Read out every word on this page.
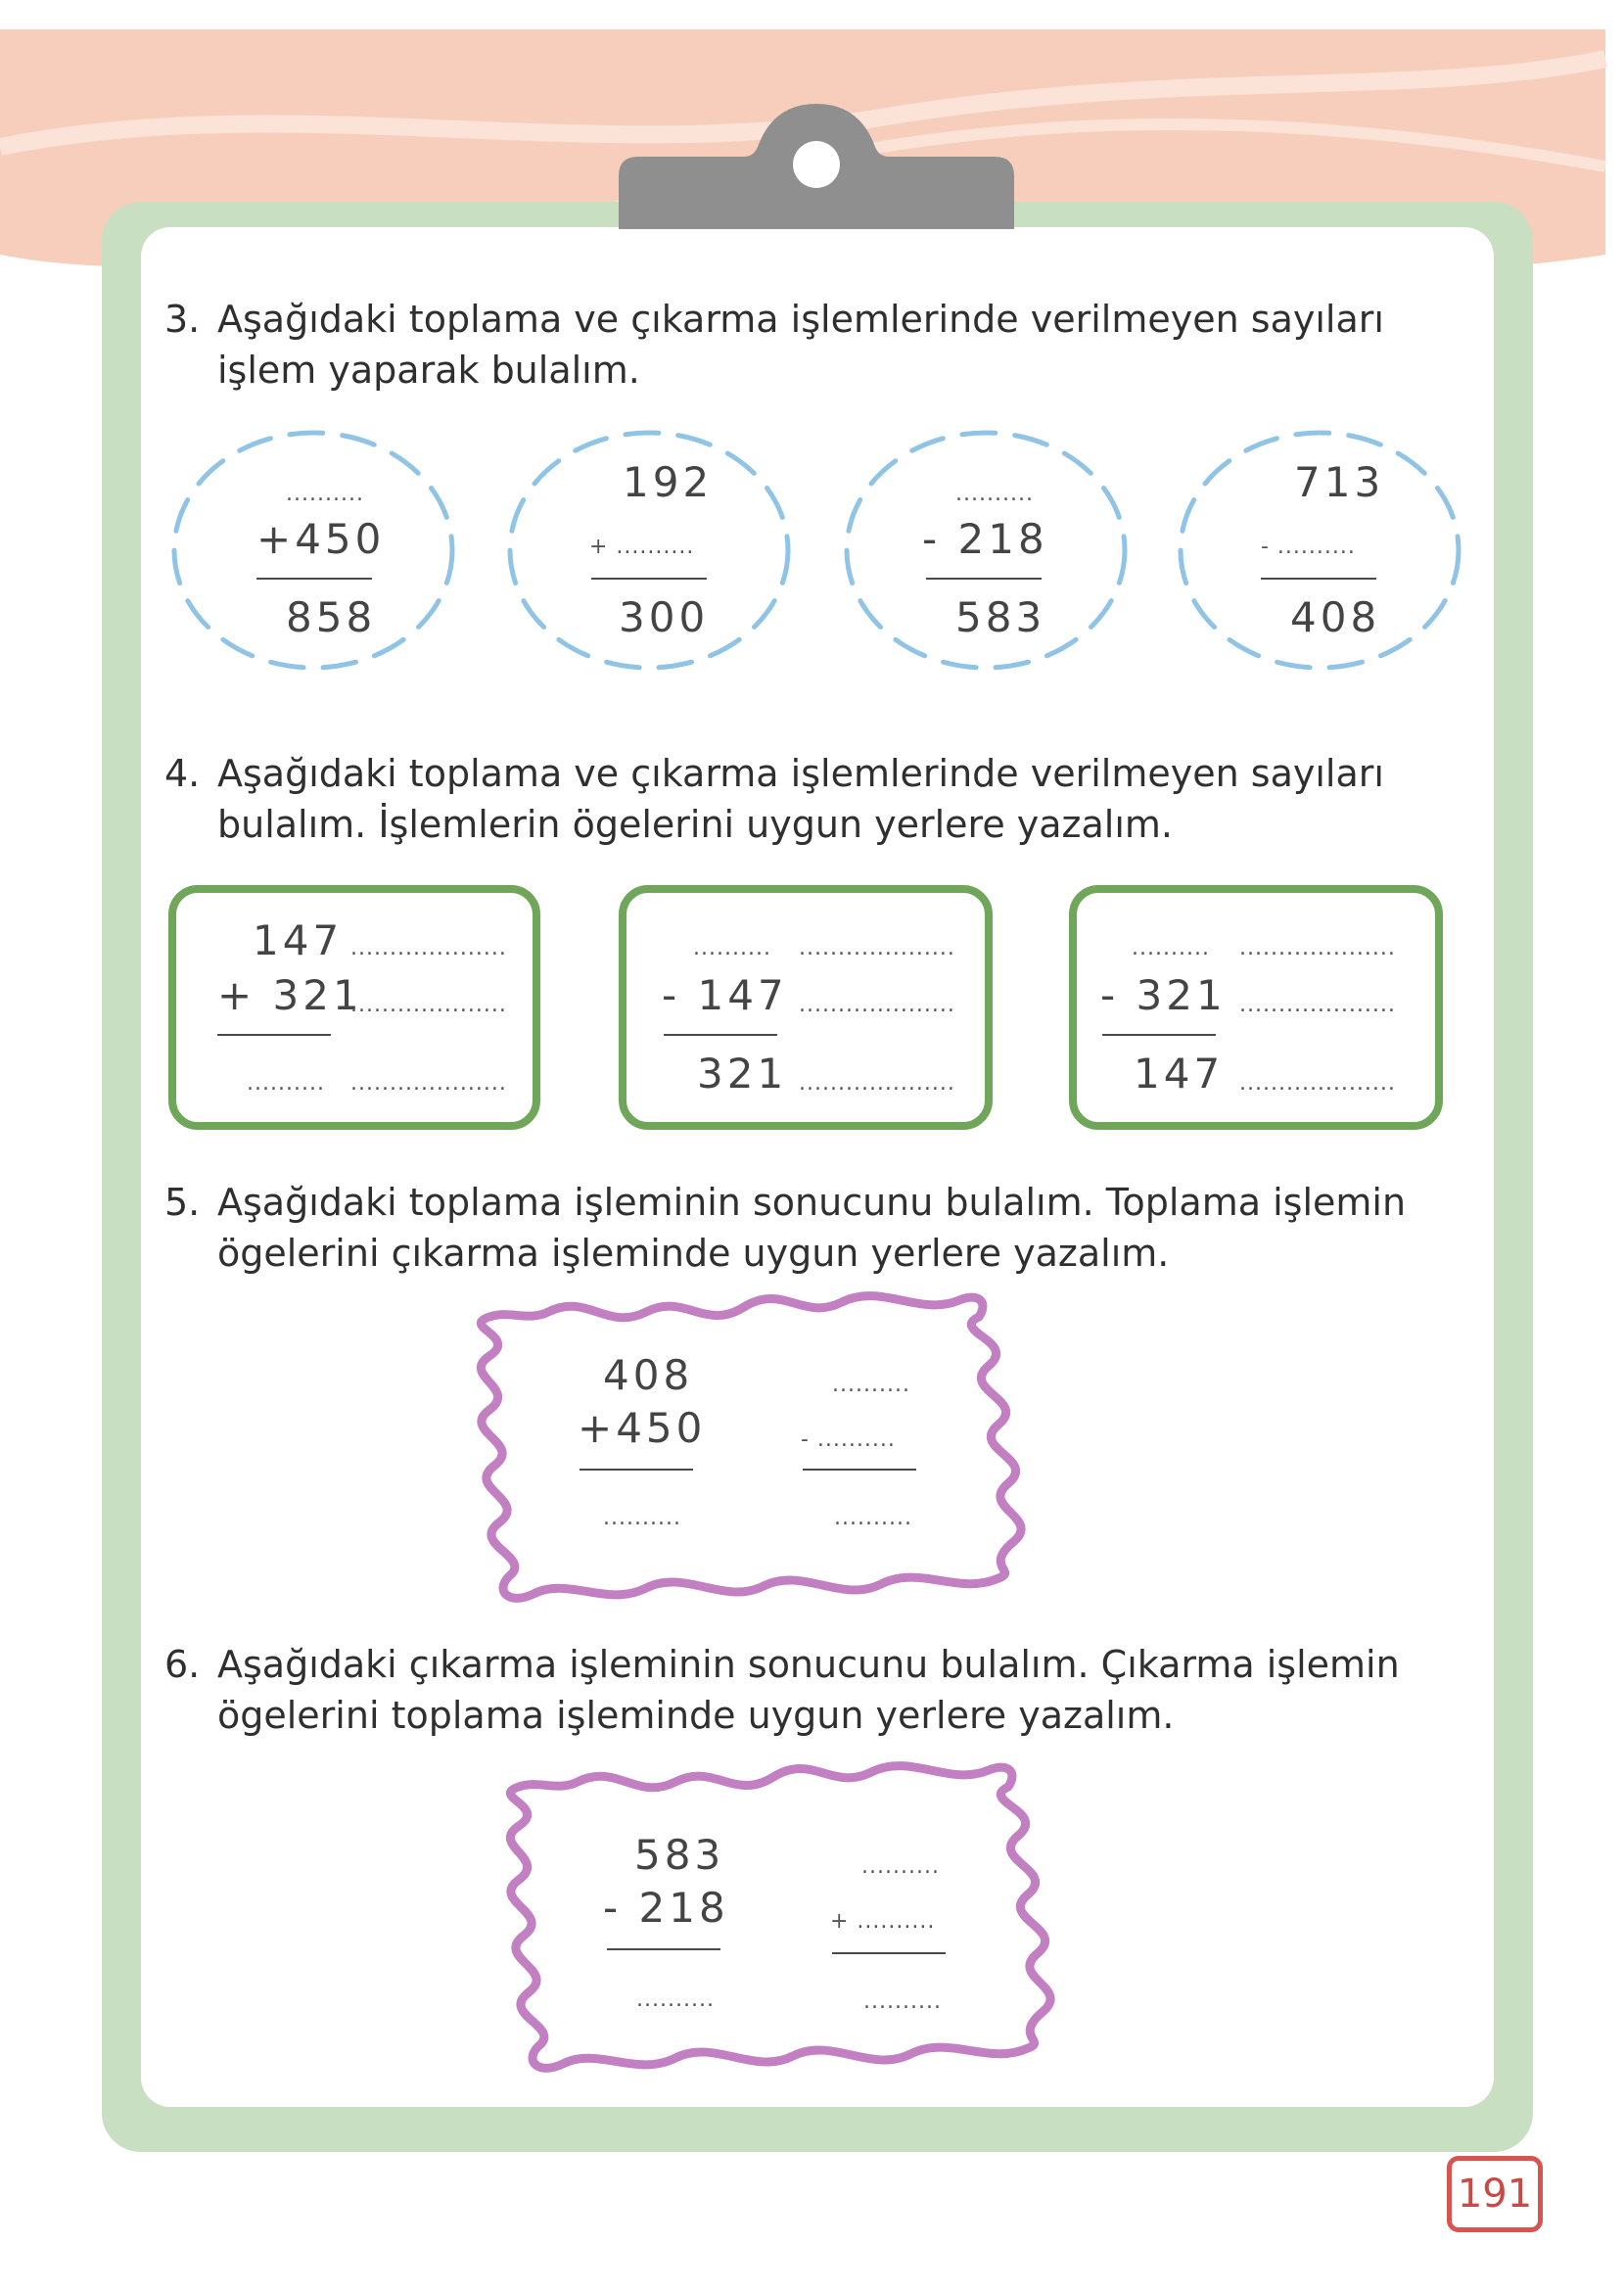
3. Aşağıdaki toplama ve çıkarma işlemlerinde verilmeyen sayıları işlem yaparak bulalım.
..........
+450
858
192
+ ..........
300
..........
- 218
583
713
- ..........
408
4. Aşağıdaki toplama ve çıkarma işlemlerinde verilmeyen sayıları bulalım. İşlemlerin ögelerini uygun yerlere yazalım.
147 ....................
+ 321
....................
.......... ....................
.......... ....................
- 147 ....................
321 ....................
.......... ....................
- 321 ....................
147 ....................
5. Aşağıdaki toplama işleminin sonucunu bulalım. Toplama işlemin ögelerini çıkarma işleminde uygun yerlere yazalım.
408
+450
..........
..........
- ..........
..........
6. Aşağıdaki çıkarma işleminin sonucunu bulalım. Çıkarma işlemin ögelerini toplama işleminde uygun yerlere yazalım.
583
- 218
..........
..........
+ ..........
..........
191
